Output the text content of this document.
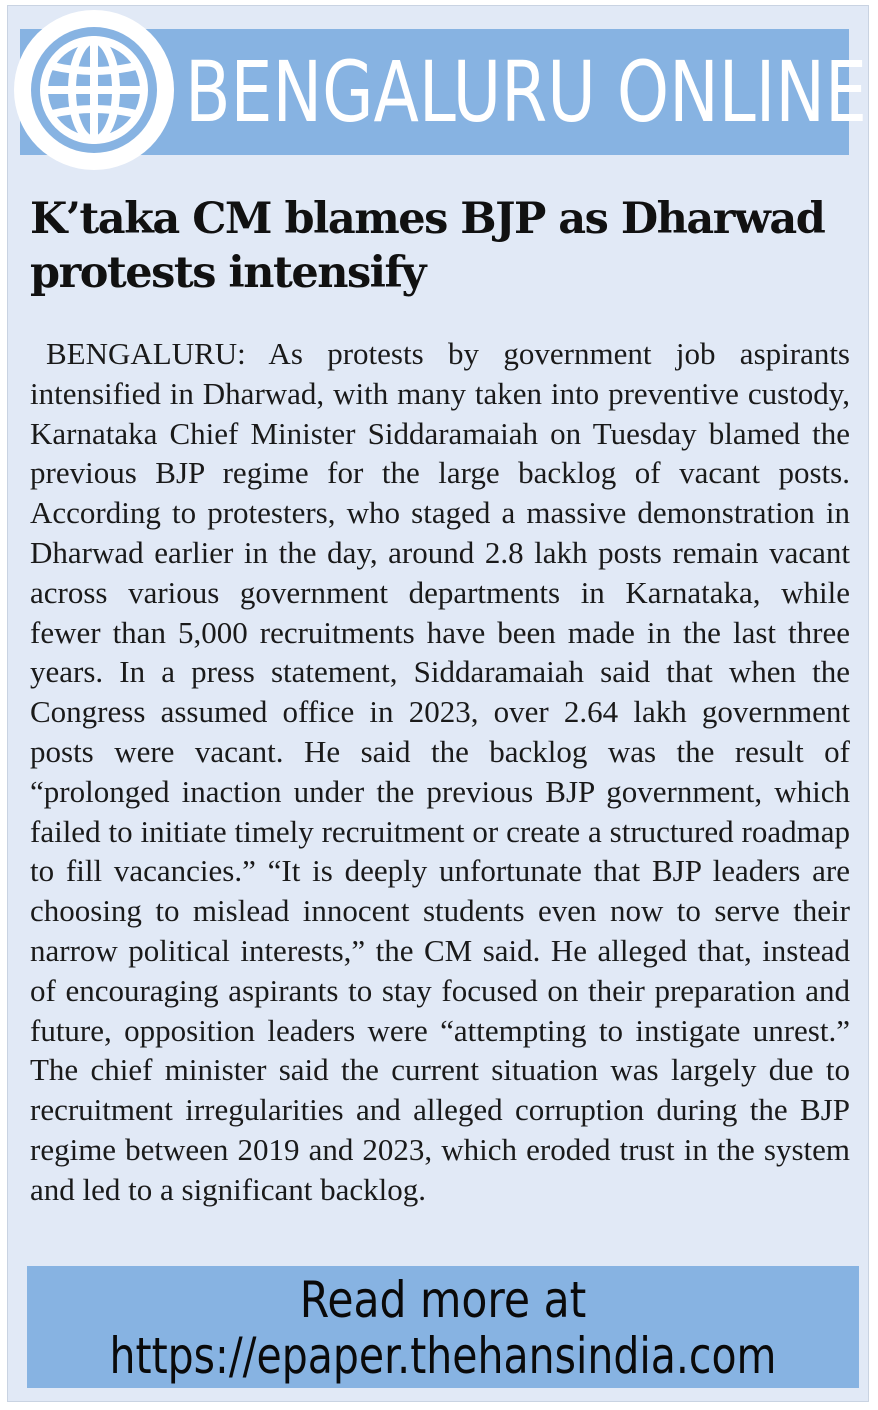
BENGALURU ONLINE
K’taka CM blames BJP as Dharwad protests intensify

BENGALURU: As protests by government job aspirants intensified in Dharwad, with many taken into preventive custody, Karnataka Chief Minister Siddaramaiah on Tuesday blamed the previous BJP regime for the large backlog of vacant posts. According to protesters, who staged a massive demonstration in Dharwad earlier in the day, around 2.8 lakh posts remain vacant across various government departments in Karnataka, while fewer than 5,000 recruitments have been made in the last three years. In a press statement, Siddaramaiah said that when the Congress assumed office in 2023, over 2.64 lakh government posts were vacant. He said the backlog was the result of “prolonged inaction under the previous BJP government, which failed to initiate timely recruitment or create a structured roadmap to fill vacancies.” “It is deeply unfortunate that BJP leaders are choosing to mislead innocent students even now to serve their narrow political interests,” the CM said. He alleged that, instead of encouraging aspirants to stay focused on their preparation and future, opposition leaders were “attempting to instigate unrest.” The chief minister said the current situation was largely due to recruitment irregularities and alleged corruption during the BJP regime between 2019 and 2023, which eroded trust in the system and led to a significant backlog.

Read more at
https://epaper.thehansindia.com
